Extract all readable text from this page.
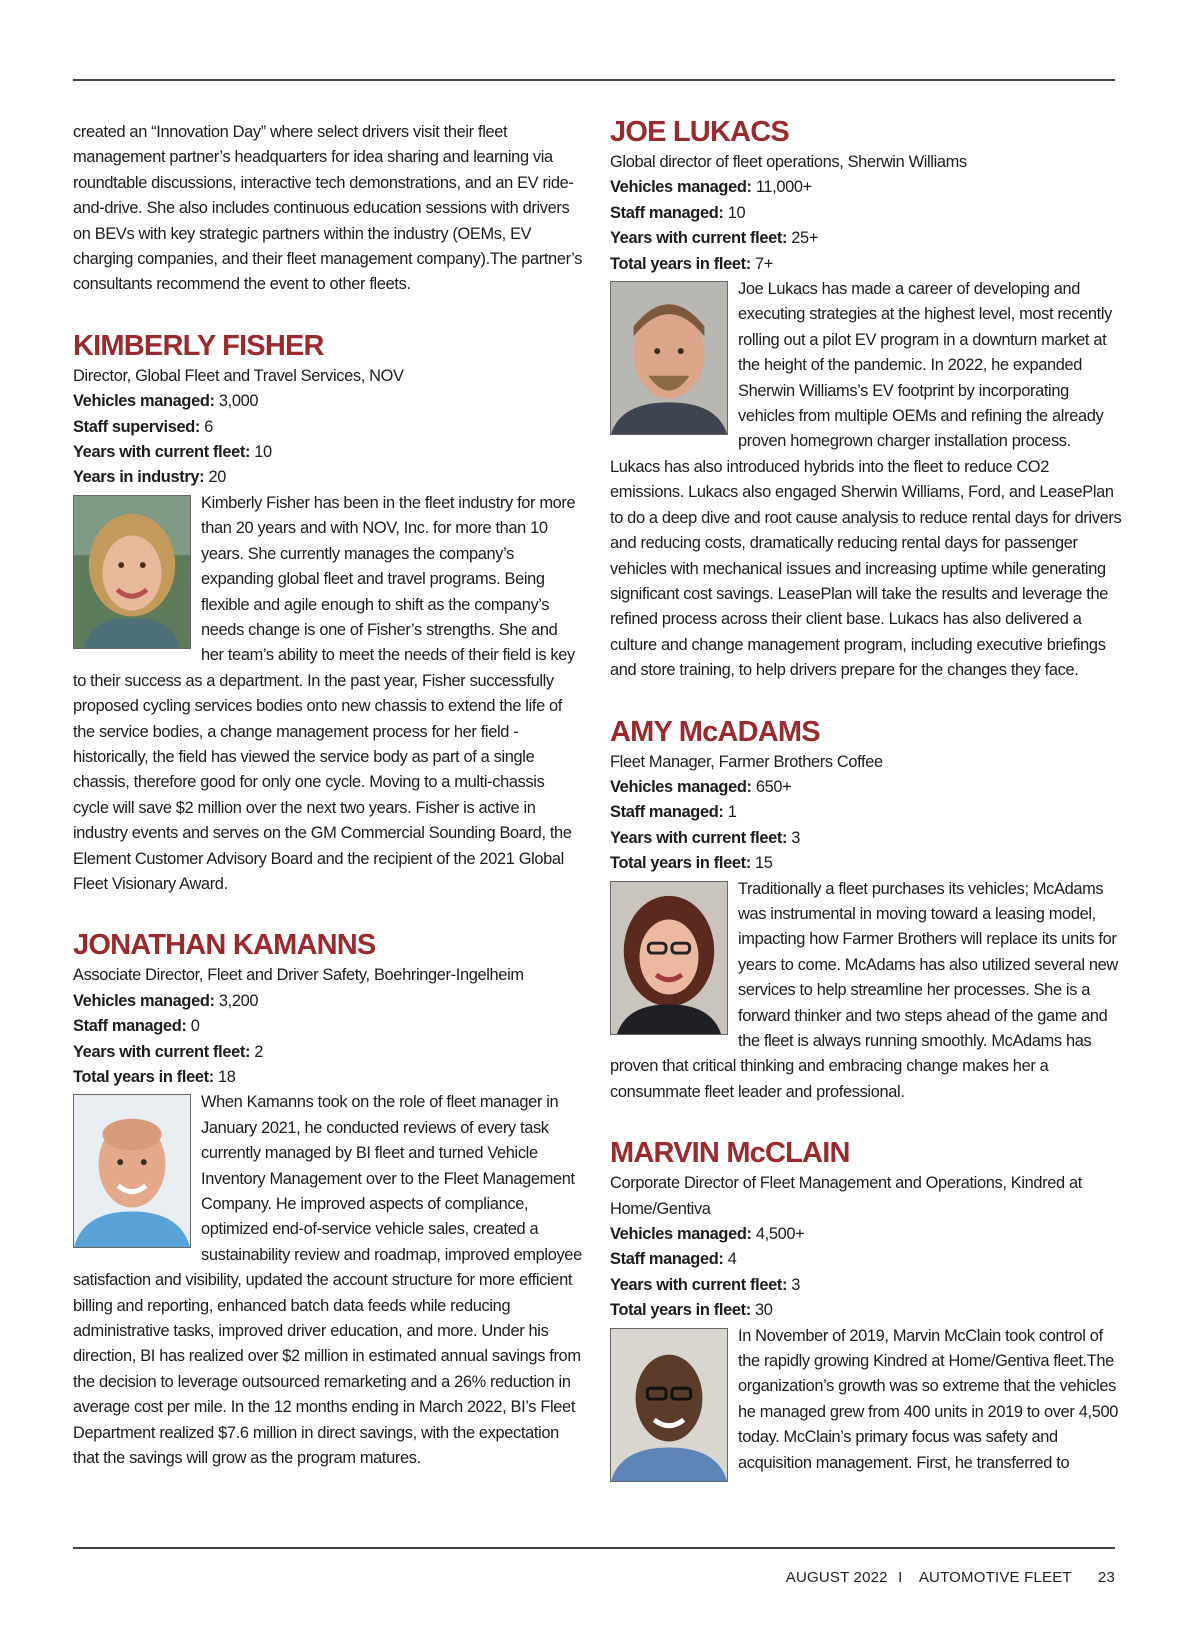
created an “Innovation Day” where select drivers visit their fleet management partner’s headquarters for idea sharing and learning via roundtable discussions, interactive tech demonstrations, and an EV ride-and-drive. She also includes continuous education sessions with drivers on BEVs with key strategic partners within the industry (OEMs, EV charging companies, and their fleet management company).The partner’s consultants recommend the event to other fleets.

KIMBERLY FISHER

Director, Global Fleet and Travel Services, NOV

Vehicles managed: 3,000

Staff supervised: 6

Years with current fleet: 10

Years in industry: 20

Kimberly Fisher has been in the fleet industry for more than 20 years and with NOV, Inc. for more than 10 years. She currently manages the company’s expanding global fleet and travel programs. Being flexible and agile enough to shift as the company’s needs change is one of Fisher’s strengths. She and her team’s ability to meet the needs of their field is key to their success as a department. In the past year, Fisher successfully proposed cycling services bodies onto new chassis to extend the life of the service bodies, a change management process for her field - historically, the field has viewed the service body as part of a single chassis, therefore good for only one cycle. Moving to a multi-chassis cycle will save $2 million over the next two years. Fisher is active in industry events and serves on the GM Commercial Sounding Board, the Element Customer Advisory Board and the recipient of the 2021 Global Fleet Visionary Award.

JONATHAN KAMANNS

Associate Director, Fleet and Driver Safety, Boehringer-Ingelheim

Vehicles managed: 3,200

Staff managed: 0

Years with current fleet: 2

Total years in fleet: 18

When Kamanns took on the role of fleet manager in January 2021, he conducted reviews of every task currently managed by BI fleet and turned Vehicle Inventory Management over to the Fleet Management Company. He improved aspects of compliance, optimized end-of-service vehicle sales, created a sustainability review and roadmap, improved employee satisfaction and visibility, updated the account structure for more efficient billing and reporting, enhanced batch data feeds while reducing administrative tasks, improved driver education, and more. Under his direction, BI has realized over $2 million in estimated annual savings from the decision to leverage outsourced remarketing and a 26% reduction in average cost per mile. In the 12 months ending in March 2022, BI’s Fleet Department realized $7.6 million in direct savings, with the expectation that the savings will grow as the program matures.

JOE LUKACS

Global director of fleet operations, Sherwin Williams

Vehicles managed: 11,000+

Staff managed: 10

Years with current fleet: 25+

Total years in fleet: 7+

Joe Lukacs has made a career of developing and executing strategies at the highest level, most recently rolling out a pilot EV program in a downturn market at the height of the pandemic. In 2022, he expanded Sherwin Williams’s EV footprint by incorporating vehicles from multiple OEMs and refining the already proven homegrown charger installation process. Lukacs has also introduced hybrids into the fleet to reduce CO2 emissions. Lukacs also engaged Sherwin Williams, Ford, and LeasePlan to do a deep dive and root cause analysis to reduce rental days for drivers and reducing costs, dramatically reducing rental days for passenger vehicles with mechanical issues and increasing uptime while generating significant cost savings. LeasePlan will take the results and leverage the refined process across their client base. Lukacs has also delivered a culture and change management program, including executive briefings and store training, to help drivers prepare for the changes they face.

AMY McADAMS

Fleet Manager, Farmer Brothers Coffee

Vehicles managed: 650+

Staff managed: 1

Years with current fleet: 3

Total years in fleet: 15

Traditionally a fleet purchases its vehicles; McAdams was instrumental in moving toward a leasing model, impacting how Farmer Brothers will replace its units for years to come. McAdams has also utilized several new services to help streamline her processes. She is a forward thinker and two steps ahead of the game and the fleet is always running smoothly. McAdams has proven that critical thinking and embracing change makes her a consummate fleet leader and professional.

MARVIN McCLAIN

Corporate Director of Fleet Management and Operations, Kindred at Home/Gentiva

Vehicles managed: 4,500+

Staff managed: 4

Years with current fleet: 3

Total years in fleet: 30

In November of 2019, Marvin McClain took control of the rapidly growing Kindred at Home/Gentiva fleet.The organization’s growth was so extreme that the vehicles he managed grew from 400 units in 2019 to over 4,500 today. McClain’s primary focus was safety and acquisition management. First, he transferred to

AUGUST 2022 I AUTOMOTIVE FLEET 23
